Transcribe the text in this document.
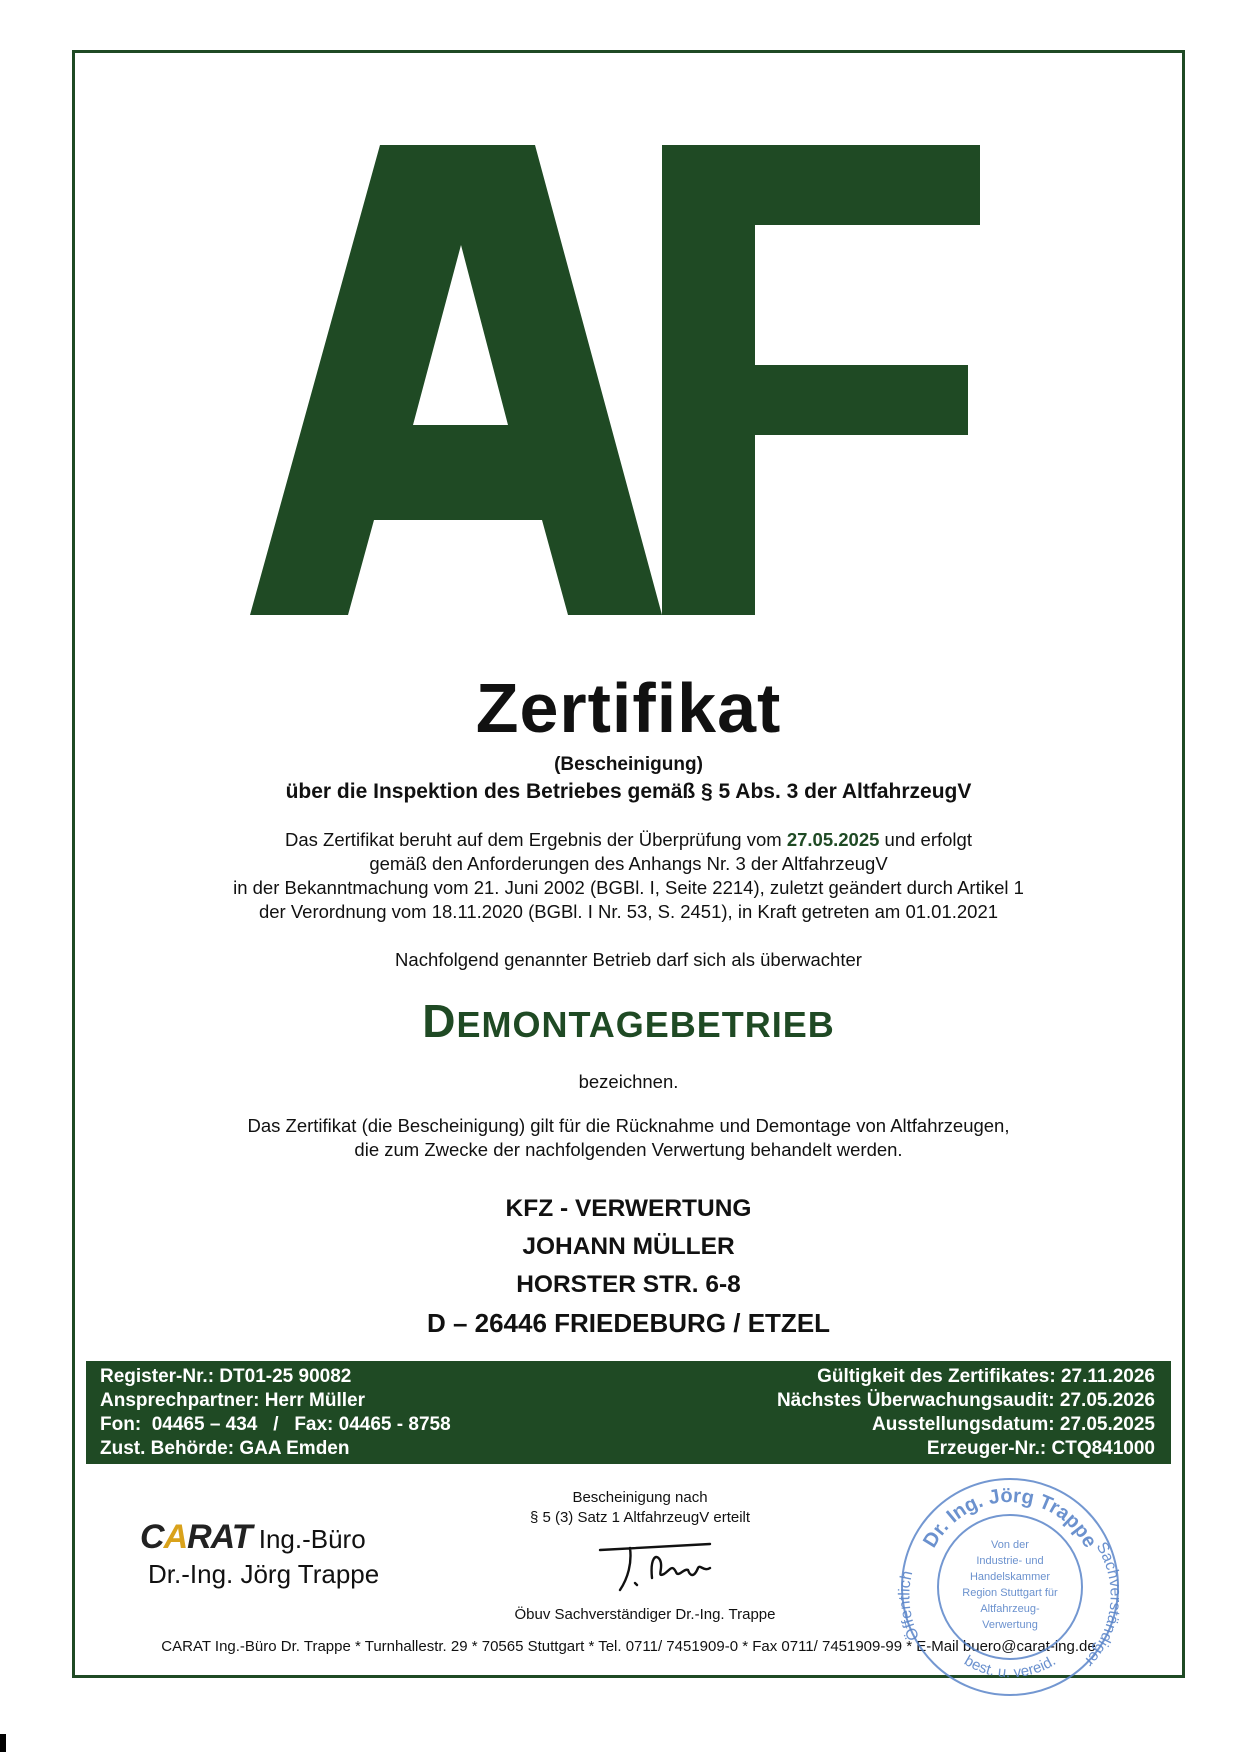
Zertifikat
(Bescheinigung)
über die Inspektion des Betriebes gemäß § 5 Abs. 3 der AltfahrzeugV
Das Zertifikat beruht auf dem Ergebnis der Überprüfung vom 27.05.2025 und erfolgt
gemäß den Anforderungen des Anhangs Nr. 3 der AltfahrzeugV
in der Bekanntmachung vom 21. Juni 2002 (BGBl. I, Seite 2214), zuletzt geändert durch Artikel 1
der Verordnung vom 18.11.2020 (BGBl. I Nr. 53, S. 2451), in Kraft getreten am 01.01.2021
Nachfolgend genannter Betrieb darf sich als überwachter
DEMONTAGEBETRIEB
bezeichnen.
Das Zertifikat (die Bescheinigung) gilt für die Rücknahme und Demontage von Altfahrzeugen,
die zum Zwecke der nachfolgenden Verwertung behandelt werden.
KFZ - VERWERTUNG
JOHANN MÜLLER
HORSTER STR. 6-8
D – 26446 FRIEDEBURG / ETZEL
Register-Nr.: DT01-25 90082
Ansprechpartner: Herr Müller
Fon:  04465 – 434   /   Fax: 04465 - 8758
Zust. Behörde: GAA Emden
Gültigkeit des Zertifikates: 27.11.2026
Nächstes Überwachungsaudit: 27.05.2026
Ausstellungsdatum: 27.05.2025
Erzeuger-Nr.: CTQ841000
CARAT Ing.-Büro
Dr.-Ing. Jörg Trappe
Bescheinigung nach
§ 5 (3) Satz 1 AltfahrzeugV erteilt
Öbuv Sachverständiger Dr.-Ing. Trappe
CARAT Ing.-Büro Dr. Trappe * Turnhallestr. 29 * 70565 Stuttgart * Tel. 0711/ 7451909-0 * Fax 0711/ 7451909-99 * E-Mail buero@carat-ing.de
Dr. Ing. Jörg Trappe
Öffentlich
Sachverständiger
best. u. vereid.
Von der
Industrie- und
Handelskammer
Region Stuttgart für
Altfahrzeug-
Verwertung
